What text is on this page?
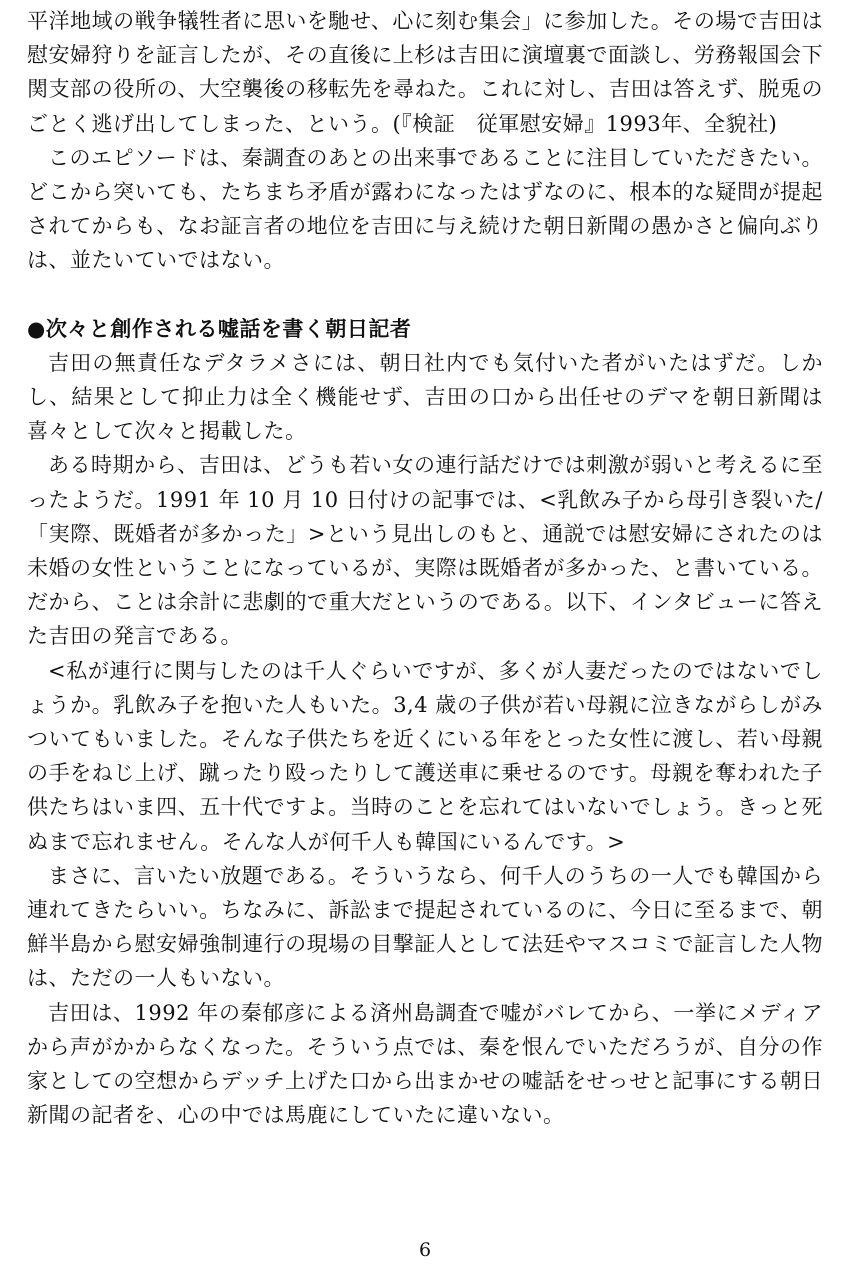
平洋地域の戦争犠牲者に思いを馳せ、心に刻む集会」に参加した。その場で吉田は慰安婦狩りを証言したが、その直後に上杉は吉田に演壇裏で面談し、労務報国会下関支部の役所の、大空襲後の移転先を尋ねた。これに対し、吉田は答えず、脱兎のごとく逃げ出してしまった、という。(『検証　従軍慰安婦』1993年、全貌社)

このエピソードは、秦調査のあとの出来事であることに注目していただきたい。どこから突いても、たちまち矛盾が露わになったはずなのに、根本的な疑問が提起されてからも、なお証言者の地位を吉田に与え続けた朝日新聞の愚かさと偏向ぶりは、並たいていではない。

●次々と創作される嘘話を書く朝日記者

吉田の無責任なデタラメさには、朝日社内でも気付いた者がいたはずだ。しかし、結果として抑止力は全く機能せず、吉田の口から出任せのデマを朝日新聞は喜々として次々と掲載した。

ある時期から、吉田は、どうも若い女の連行話だけでは刺激が弱いと考えるに至ったようだ。1991 年 10 月 10 日付けの記事では、<乳飲み子から母引き裂いた/「実際、既婚者が多かった」>という見出しのもと、通説では慰安婦にされたのは未婚の女性ということになっているが、実際は既婚者が多かった、と書いている。だから、ことは余計に悲劇的で重大だというのである。以下、インタビューに答えた吉田の発言である。

<私が連行に関与したのは千人ぐらいですが、多くが人妻だったのではないでしょうか。乳飲み子を抱いた人もいた。3,4 歳の子供が若い母親に泣きながらしがみついてもいました。そんな子供たちを近くにいる年をとった女性に渡し、若い母親の手をねじ上げ、蹴ったり殴ったりして護送車に乗せるのです。母親を奪われた子供たちはいま四、五十代ですよ。当時のことを忘れてはいないでしょう。きっと死ぬまで忘れません。そんな人が何千人も韓国にいるんです。>

まさに、言いたい放題である。そういうなら、何千人のうちの一人でも韓国から連れてきたらいい。ちなみに、訴訟まで提起されているのに、今日に至るまで、朝鮮半島から慰安婦強制連行の現場の目撃証人として法廷やマスコミで証言した人物は、ただの一人もいない。

吉田は、1992 年の秦郁彦による済州島調査で嘘がバレてから、一挙にメディアから声がかからなくなった。そういう点では、秦を恨んでいただろうが、自分の作家としての空想からデッチ上げた口から出まかせの嘘話をせっせと記事にする朝日新聞の記者を、心の中では馬鹿にしていたに違いない。

6
